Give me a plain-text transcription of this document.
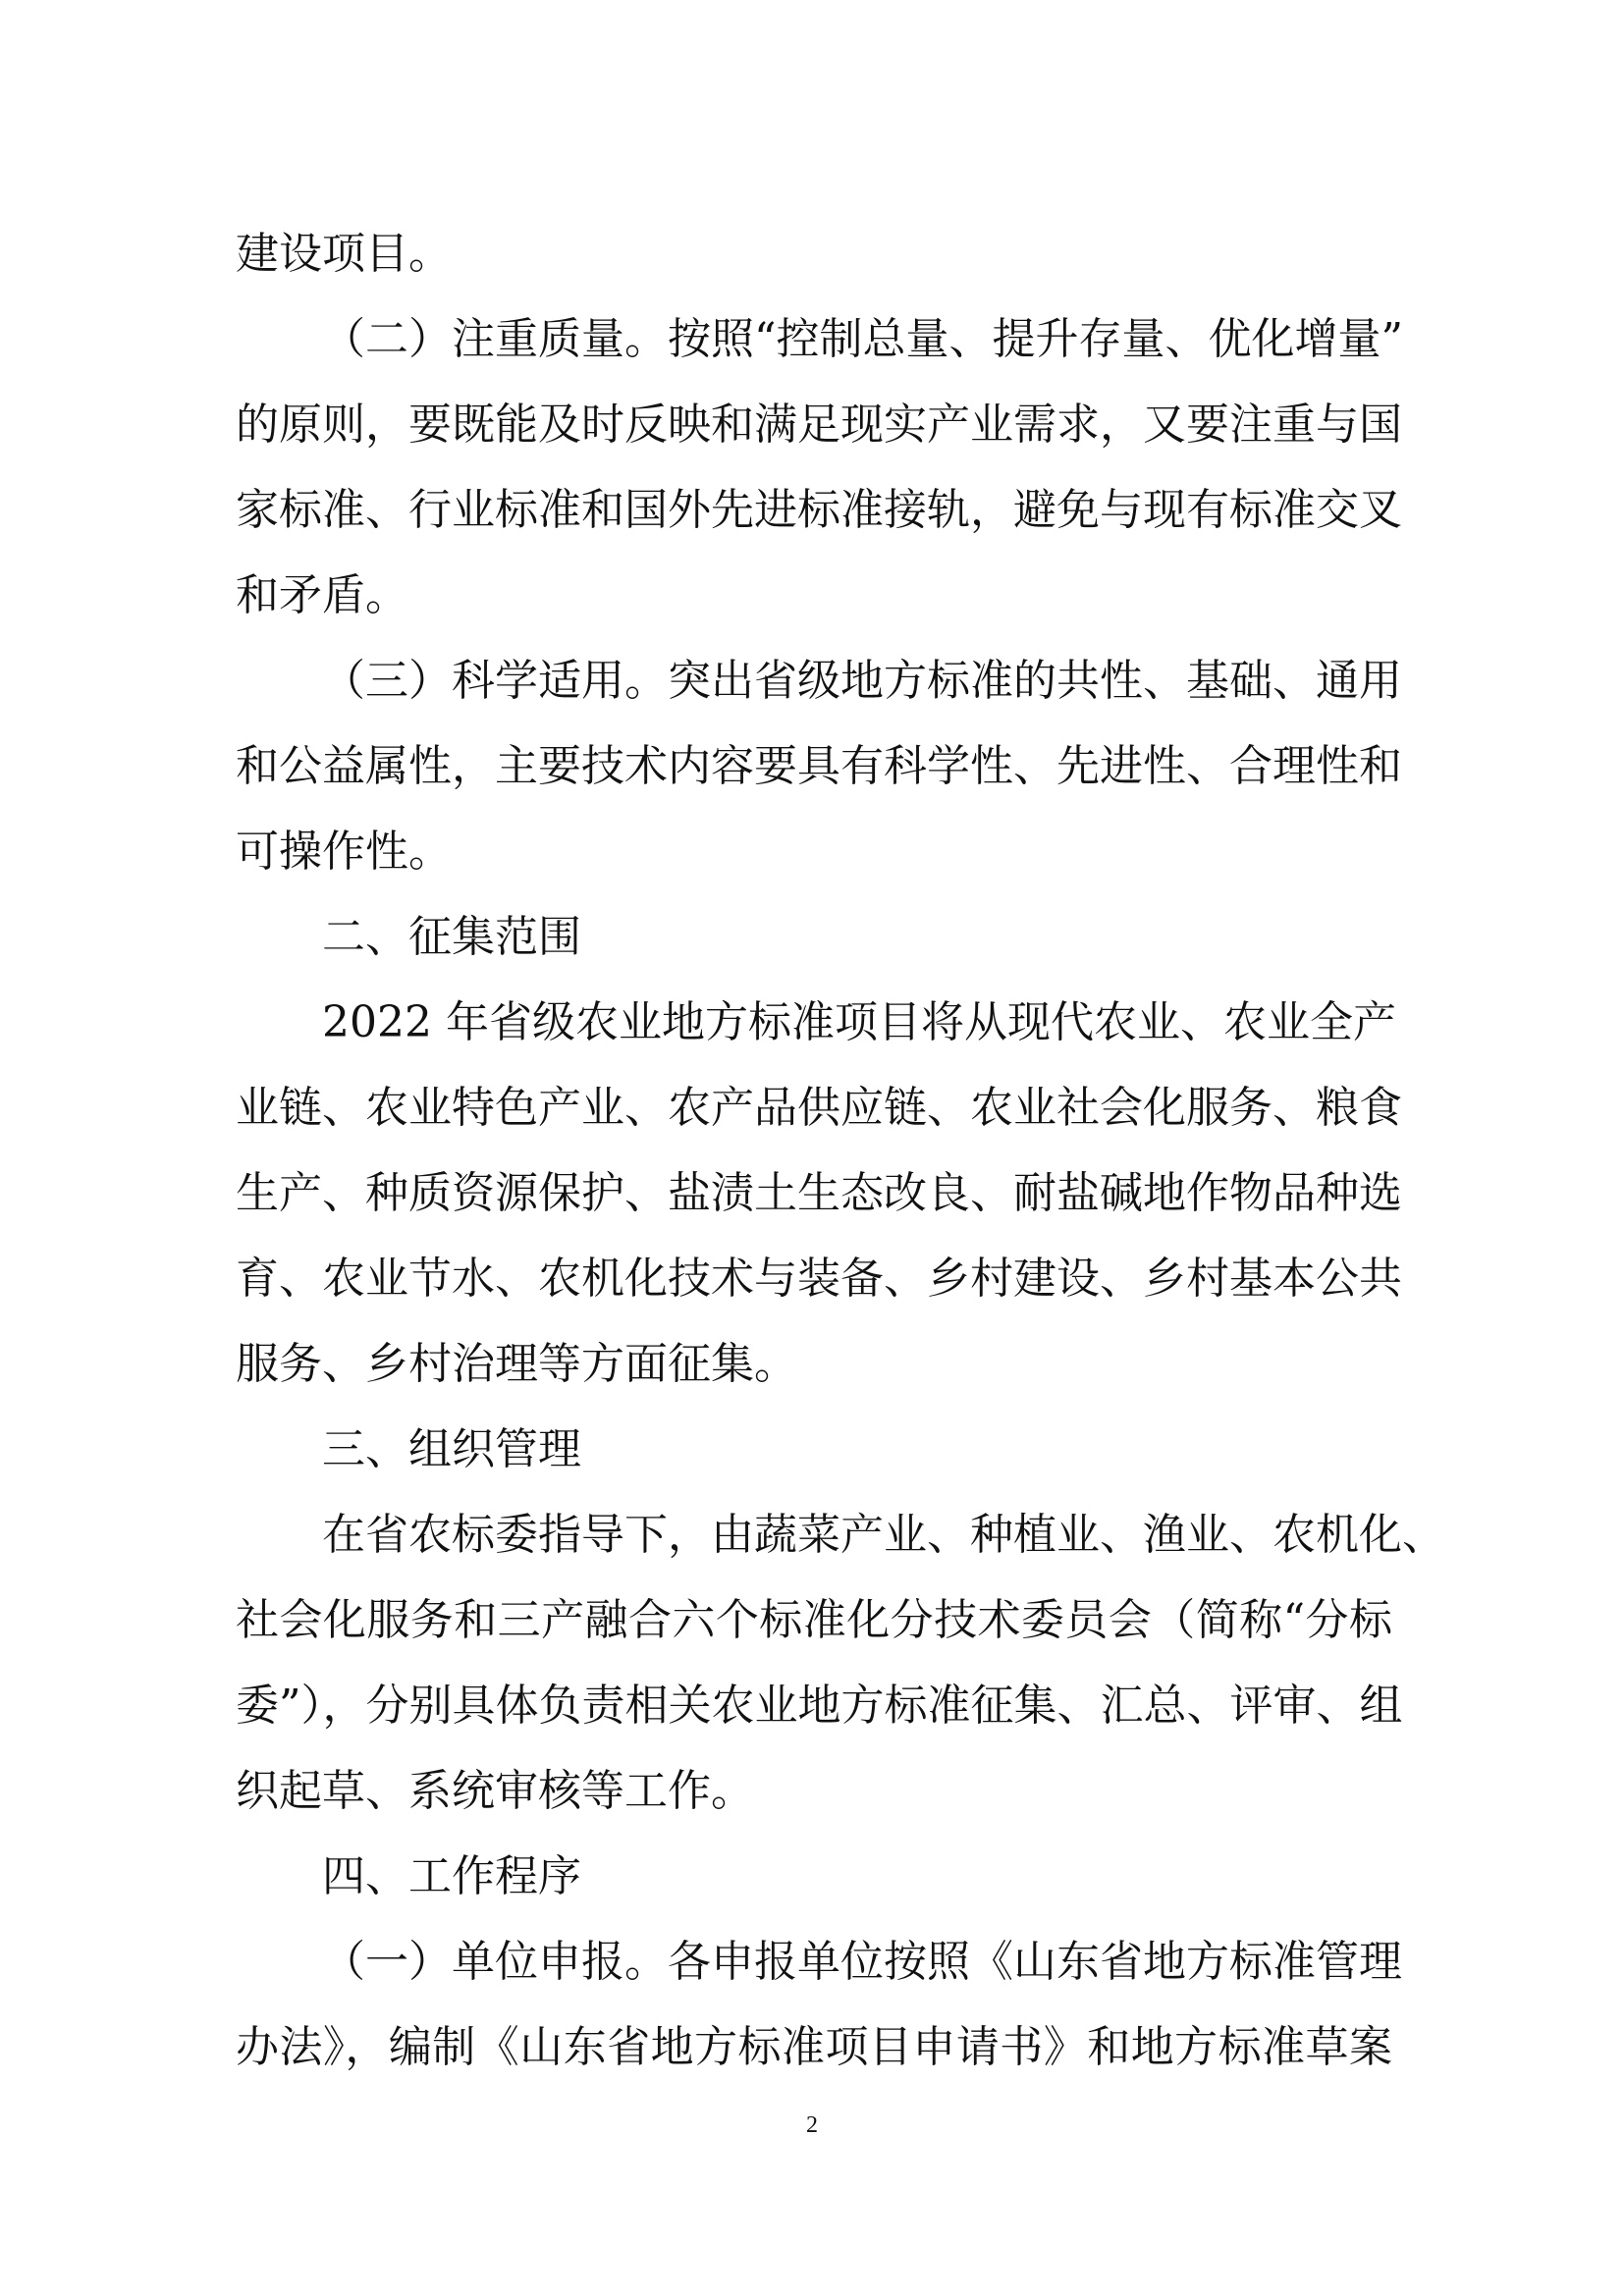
建设项目。
（二）注重质量。按照“控制总量、提升存量、优化增量”
的原则，要既能及时反映和满足现实产业需求，又要注重与国
家标准、行业标准和国外先进标准接轨，避免与现有标准交叉
和矛盾。
（三）科学适用。突出省级地方标准的共性、基础、通用
和公益属性，主要技术内容要具有科学性、先进性、合理性和
可操作性。
二、征集范围
2022 年省级农业地方标准项目将从现代农业、农业全产
业链、农业特色产业、农产品供应链、农业社会化服务、粮食
生产、种质资源保护、盐渍土生态改良、耐盐碱地作物品种选
育、农业节水、农机化技术与装备、乡村建设、乡村基本公共
服务、乡村治理等方面征集。
三、组织管理
在省农标委指导下，由蔬菜产业、种植业、渔业、农机化、
社会化服务和三产融合六个标准化分技术委员会（简称“分标
委”），分别具体负责相关农业地方标准征集、汇总、评审、组
织起草、系统审核等工作。
四、工作程序
（一）单位申报。各申报单位按照《山东省地方标准管理
办法》，编制《山东省地方标准项目申请书》和地方标准草案
2
